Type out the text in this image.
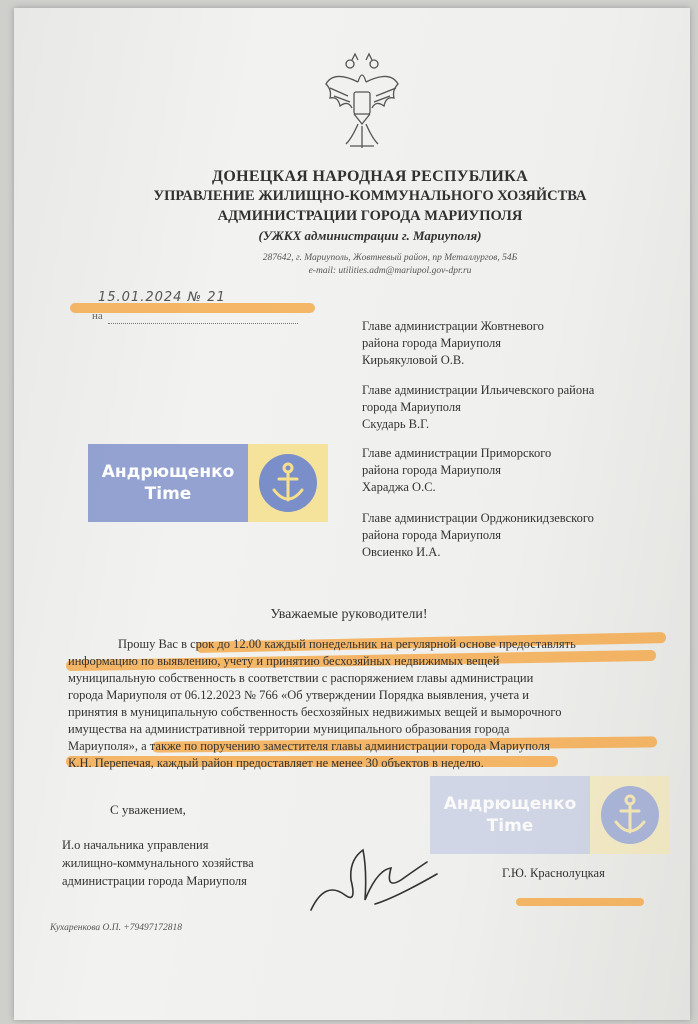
ДОНЕЦКАЯ НАРОДНАЯ РЕСПУБЛИКА
УПРАВЛЕНИЕ ЖИЛИЩНО-КОММУНАЛЬНОГО ХОЗЯЙСТВА
АДМИНИСТРАЦИИ ГОРОДА МАРИУПОЛЯ
(УЖКХ администрации г. Мариуполя)
287642, г. Мариуполь, Жовтневый район, пр Металлургов, 54Б
e-mail: utilities.adm@mariupol.gov-dpr.ru
15.01.2024 № 21
на
Главе администрации Жовтневого
района города Мариуполя
Кирьякуловой О.В.
Главе администрации Ильичевского района
города Мариуполя
Скударь В.Г.
Главе администрации Приморского
района города Мариуполя
Хараджа О.С.
Главе администрации Орджоникидзевского
района города Мариуполя
Овсиенко И.А.
Уважаемые руководители!
Прошу Вас в срок до 12.00 каждый понедельник на регулярной основе предоставлять
информацию по выявлению, учету и принятию бесхозяйных недвижимых вещей
муниципальную собственность в соответствии с распоряжением главы администрации
города Мариуполя от 06.12.2023 № 766 «Об утверждении Порядка выявления, учета и
принятия в муниципальную собственность бесхозяйных недвижимых вещей и выморочного
имущества на административной территории муниципального образования города
Мариуполя», а также по поручению заместителя главы администрации города Мариуполя
К.Н. Перепечая, каждый район предоставляет не менее 30 объектов в неделю.
С уважением,
И.о начальника управления
жилищно-коммунального хозяйства
администрации города Мариуполя
Г.Ю. Краснолуцкая
Кухаренкова О.П. +79497172818
Андрющенко
Time
Андрющенко
Time
